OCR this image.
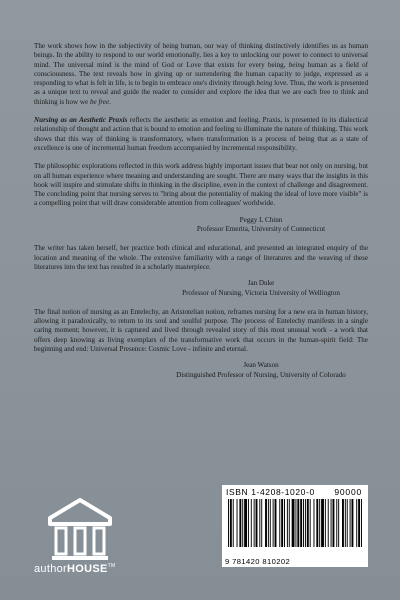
The work shows how in the subjectivity of being human, our way of thinking distinctively identifies us as human beings. In the ability to respond to our world emotionally, lies a key to unlocking our power to connect to universal mind. The universal mind is the mind of God or Love that exists for every being, being human as a field of consciousness. The text reveals how in giving up or surrendering the human capacity to judge, expressed as a responding to what is felt in life, is to begin to embrace one's divinity through being love. Thus, the work is presented as a unique text to reveal and guide the reader to consider and explore the idea that we are each free to think and thinking is how we be free.

Nursing as an Aesthetic Praxis reflects the aesthetic as emotion and feeling. Praxis, is presented in its dialectical relationship of thought and action that is bound to emotion and feeling to illuminate the nature of thinking. This work shows that this way of thinking is transformatory, where transformation is a process of being that as a state of excellence is one of incremental human freedom accompanied by incremental responsibility.

The philosophic explorations reflected in this work address highly important issues that bear not only on nursing, but on all human experience where meaning and understanding are sought. There are many ways that the insights in this book will inspire and stimulate shifts in thinking in the discipline, even in the context of challenge and disagreement. The concluding point that nursing serves to "bring about the potentiality of making the ideal of love more visible" is a compelling point that will draw considerable attention from colleagues' worldwide.

Peggy L Chinn
Professor Emerita, University of Connecticut

The writer has taken herself, her practice both clinical and educational, and presented an integrated enquiry of the location and meaning of the whole. The extensive familiarity with a range of literatures and the weaving of these literatures into the text has resulted in a scholarly masterpiece.

Jan Duke
Professor of Nursing, Victoria University of Wellington

The final notion of nursing as an Entelechy, an Aristotelian notion, reframes nursing for a new era in human history, allowing it paradoxically, to return to its soul and soulful purpose. The process of Entelechy manifests in a single caring moment; however, it is captured and lived through revealed story of this most unusual work - a work that offers deep knowing as living exemplars of the transformative work that occurs in the human-spirit field: The beginning and end: Universal Presence: Cosmic Love - infinite and eternal.

Jean Watson
Distinguished Professor of Nursing, University of Colorado
authorHOUSE™
ISBN 1-4208-1020-0 90000
9 781420 810202
